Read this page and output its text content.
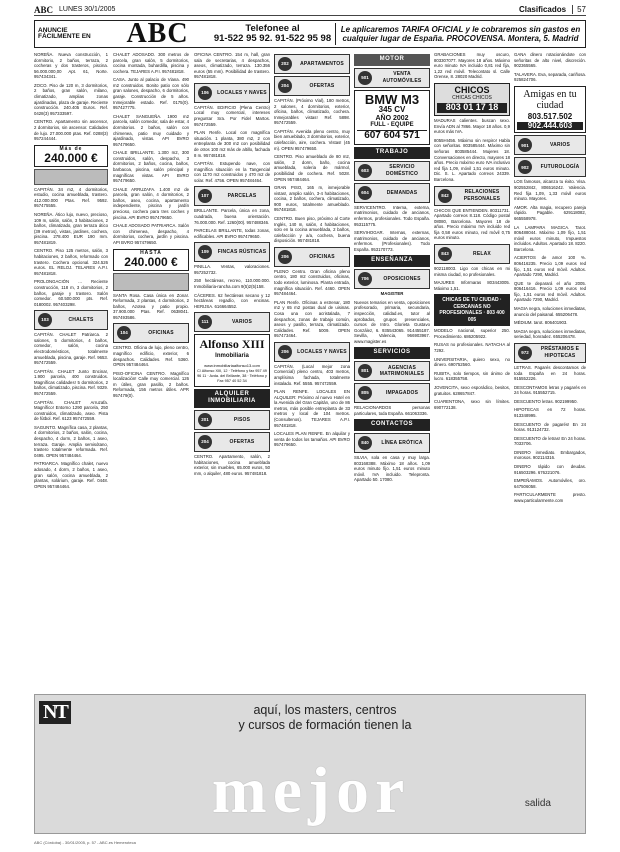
ABC LUNES 30/1/2005	Clasificados	57
ANUNCIE FÁCILMENTE EN	ABC	Telefonee al
91-522 95 92. 91-522 95 98
Le aplicaremos TARIFA OFICIAL y le cobraremos sin gastos en cualquier lugar de España. PROCOVENSA. Montera, 5. Madrid

NOREÑA. Nueva construcción, 1 dormitorio, 2 baños, terraza, 2 cocheras y dos trasteros, piscina. 56.000.000,00 Apt. 61, Norte. 957434341.

ZOCO. Piso de 120 m, 3 dormitorios, 2 baños, gran salón, milano, climatizado, amplias zonas ajardinadas, plaza de garaje. Reciente construcción. 240.405 Euros. Ref. 0428(3) 957333597.

CENTRO. Apartamento sin ascensor, 2 dormitorios, sin ascensor. Calidades de lujo. 27.000.000 ptas. Ref. 0288(3) 957244444.

Más de
240.000 €

CAPITÁN. 34 m2, 4 dormitorios, estudio, cocina amueblada, trastero. 412.000.000 Ptas. Ref. 9592. 957475555.

NOREÑA. Ático lujo, nuevo, precioso, 109 m, salón, salón, 3 habitaciones, 2 baños, climatizado, gran terraza ático (39 metros), vistas, jardines, cochera, piscina. 278.400 EUR 190 mm. 957481819.

CENTRO. Piso 125 metros, salón, 3 habitaciones, 2 baños, reformado con trastero. Cochera opcional. 324.526 euros. EL RELOJ. TELARES A.P.I. 957481818.

PROLONGACIÓN ... Reciente construcción, 118 m, 3 dormitorios, 2 baños, garaje y trastero. Salón comedor. 60.500.000 pts. Ref. 0180002. 957403298.

103	CHALETS

CAPITÁN. CHALET Patriarca. 2 salones, 5 dormitorios, 4 baños, comedor, salón, cocina electrodomésticos, totalmente amueblada, piscina, garaje. Ref. 9653. 957472559.

CAPITÁN. CHALET Junto Encinar, 1.900 parcela, 400 construidos. Magníficas calidades! 5 dormitorios, 2 baños, climatizado, piscina. Ref. 9329. 957472559.

CAPITÁN. CHALET Arruzafa. Magnífico! Entorno 1290 parcela, 250 construidos, climatizado, aseo. Pista de fútbol. Ref. 6123 957472559.

SAGUNTO. Magnífica casa, 2 plantas, 4 dormitorios, 2 baños, salón, cocina, despacho, 4 dorm, 2 baños, 1 aseo, terraza. Garaje. Amplia semisótano, trastero totalmente reformada. Ref. 0495. OPEN 957484464.

PATRIARCA. Magnífico chalet, nuevo adosado, 4 dorm, 2 baños, 1 aseo, gran salón, cocina amueblada, 2 plantas, solárium, garaje. Ref. 0448. OPEN 957484464.

CHALET ADOSADO. 300 metros de parcela, gran salón, 5 dormitorios, cocina montada, buhardilla, piscina y cochera. TEJARES A.P.I. 957481818.

CASA. Junto al palacio de Viana. 490 m2 construidos. Bonito patio con sólo gran salones, despacho, 6 dormitorios, garaje. Construcción de 5 años. Inmejorable estado. Ref. 0175(0). 957427775.

CHALET SANGUEÑA. 1900 m2 parcela, salón comedor, sala de estar, 4 dormitorios. 2 baños, salón con chimenea, patio muy cuidado y ajardinado, vistas. API BVRO 957479650.

CHALE BRILLANTE. 1.300 m2, 300 construidos, salón, despacho, 3 dormitorios, 2 baños, cocina, baños, barbacoa, piscina, salón principal y magníficas vistas. API BVRO 957479650.

CHALE ARRUZAFA. 1.400 m2 de parcela, gran salón, 4 dormitorios, 2 baños, aseo, cocina, apartamento independiente, piscina y jardín precioso, cochera para tres coches y piscina. API BVRO 957479650.

CHALE ADOSADO PATRIARCA. Salón con chimenea, despacho, 4 dormitorios, cochera, jardín y piscina. API BVRO 957479650.

HASTA
240.000 €

SANTA Rosa. Casa única en Zona!. Reformada, 2 plantas, 4 dormitorios, 2 baños, Azotea y patio propio. 37.900.000 Ptas. Ref. 0638041. 957493586.

104	OFICINAS

CENTRO. Oficina de lujo, pleno centro, magnífico edificio, exterior, 6 despachos. Calidades. Ref. 5360. OPEN 957484464.

PISO-OFICINA CENTRO. Magnífico localización! Calle muy comercial. 126 m útiles, gran pasillo, 2 baños. Reformada, 156 metros útiles. APR 957479(0).

OFICINA CENTRO. 154 m, hall, gran sala de secretarias, 4 despachos, aseos, climatizado, terraza. 130.356 euros (55 mm). Posibilidad de trastero. 957481818.

106	LOCALES Y NAVES

CAPITÁN. EDIFICIO (Plena Centro) Local muy comercial, intereses preguntar Sra. Por Fidel Martos. 957472559.

PLAN Renfe. Local con magnífica situación. 1 planta, 380 m2, 2 con entreplanta de 300 m2 con posibilidad de otros 100 m2 más de altillo, fachada 8 m. 957481818.

CAPITÁN. Estupendo nave, con magnífica situación en la Tangencial con 1170 m2 construidos y 470 m2 de solar. Ref. 4756. OPEN 957484464.

107	PARCELAS

BRILLANTE. Parcela, única en zona, cuadrada, buena orientación. 76.000.000. Ref. 1260(00). 957488346.

PARCELAS BRILLANTE, todas zonas, edificables. API BVRO 957479650.

109	FINCAS RÚSTICAS

PINILLA. Ventas, valoraciones. 957252732.

250 hectáreas, recreo, 110.000.000. Inmobiliaria-rancha.com 9(5)2(5)158.

CÁCERES. 62 hectáreas secano y 12 hectáreas regadío, con encinas. HERIJSA. 616664552.

111	VARIOS
Alfonso XIII
Inmobiliaria
www.inmobiliariaalfonso13.com
C/ Alfonso XIII, 12 · Teléfono y fax 957 49 96 11 · Avda. del Brillante, 38 · Teléfono y Fax 957 40 52 34
ALQUILER INMOBILIARIA
201	PISOS
204	OFERTAS

CENTRO. Apartamento, salón, 2 habitaciones, cocina amueblada exterior, sin muebles, 65.000 euros, 50 mm, o alquiler, 480 euros. 957481818.

202	APARTAMENTOS
204	OFERTAS

CAPITÁN. (Próximo Vial), 180 metros, 2 salones, 4 dormitorios, exterior, oficina, baños, climatizado, cochera. Inmejorables vistas! Ref. 5898. 957472559.

CAPITÁN. Avenida pleno centro, muy bien amueblado, 3 dormitorios, exterior, calefacción, aire, cochera. Vistas! (45 m). OPEN 957479650.

CENTRO. Piso amueblado de 80 m2, salón, 2 dorm, baño, cocina amueblada, soleria de mármol, posibilidad de cochera. Ref. 5028. OPEN 957484464.

GRAN PISO, 165 m, inmejorable vistas!, amplio salón, 3-4 habitaciones, cocina, 2 baños, cochera, climatizado, 900 euros, totalmente amueblado. 957481818.

CENTRO. Buen piso, próximo al Corte Inglés, 140 m, salón, 4 habitaciones, solo en la cocina amueblada, 2 baños, calefacción y a/a, cochera, buena disposición. 957481818.

206	OFICINAS

PLENO Centro. Gran oficina pleno centro, 180 m2 construidos, oficinas, todo exterior, luminosa. Planta entrada, magnífica situación. Ref. 4460. OPEN 957484464.

PLAN Renfe. Oficinas a estrenar, 180 m2 y 65 m2 postas dual de uisinas. Cosa una con acristalada, 7 despachos, zonas de trabajo común, aseos y pasillo, terraza, climatizado. Calidades. Ref. 5009. OPEN 957473464.

206	LOCALES Y NAVES

CAPITÁN. (Local mejor zona Comercial) pleno centro, 403 metros, amplísima fachada, totalmente instalado. Ref. 5555. 957472559.

PLAN RENFE. LOCALES EN ALQUILER: Próximo al nuevo Hotel en la Avenida del Gran Capitán, uno de 86 metros, más posible entreplanta de 33 metros y local de 104 metros. (Consultenos). TEJARES A.P.I. 957481818.

LOCALES PLAN RENFE. En alquilar y venta de todos los tamaños. API BVRO 957479650.

MOTOR
501
VENTA AUTOMÓVILES
BMW M3
345 CV
AÑO 2002
FULL - EQUIPE
607 604 571
TRABAJO
603
SERVICIO DOMÉSTICO
604	DEMANDAS

SERVICENTRO. Interna, externa, matrimonios, cuidado de ancianos, enfermos, profesionales. Todo España. 953115775.

SERVIHOGAR. Internas, externas, matrimonios, cuidado de ancianos, enfermos. (Profesionales). Todo España. 953170773.

ENSEÑANZA
706	OPOSICIONES

MAGISTER

Nuevos temarios en venta, oposiciones profesorado, primaria, secundaria, inspección, calidad.es, tutor al aprobados, grupos presenciales, cursos de Intro. Glorieta Gustavo González, 6. 935543065. 914455187. Sevilla, Valencia, 966903967. www.magister.es

SERVICIOS
801
AGENCIAS MATRIMONIALES
805	IMPAGADOS

RELACIONARDOS personas particulares, toda España. 661063336.

CONTACTOS
840	LÍNEA ERÓTICA

SILVIA, sola en casa y muy larga. 803168388. Máximo 18 años. 1,09 euros minuto fijo. 1,51 euros minuto móvil. IVA incluido. Telepronta. Apartado 50. 17080.

GRABACIONES muy oscuro, 803307077. Mayores 18 años. Máximo euro minuto IVA incluido 0,81 red fija, 1,22 red móvil. Telecontato sl. Calle Orense, 8. 28020 Madrid.

CHICOS
CHICAS CHICOS
803 01 17 18

MADURAS calientes. buscan sexo. Envía ADN al 7866. Mayor 18 años. 0,9 euros más IVA.

8055HI456. Máximo sin respiro! Habla con señoritas. 803585444. Máximo sin señoras 803585444. Mujeres 18. Conversaciones en directo, mayores 18 años. Precio máximo euro IVA inclusivo red fija 1,09, móvil 1,51 euros minuto. Dic. S. L. Apartado correos 24339. Barcelona.

842
RELACIONES PERSONALES

CHICOS QUE ENTIENDEN. 80311731. Apartado correos 8.118. Código postal 08080, Barcelona. Mayores 18 de años. Precio máximo IVA incluido red fija 0,58 euros minuto, red móvil 0,75 euros minuto.

843	RELAX

902118003. Ligo con chicas en mi misma ciudad, no profesionales.

MAJURES Informaras 803443005. Máximo 1,51.

CHICAS DE TU CIUDAD · CERCANAS NO PROFESIONALES · 803 400 005

MODELO nacional, superior 250. Procedimiento. 686205922.

RUSAS no profesionales. NATACHA al 7292.

UNIVERSITARIA, quiero sexo, no dinero. 690752560.

RUBITA, solo tiempos, sin ánimo de lucro. 618355758.

JOVENCITA, sexo esporádico, besitos, gratuitos. 628657847.

CUARENTONA, sexo sin límites. 690772138.

GANA dinero rotacionándote con señoritas de alto nivel, discreción. 902365565.

TALAVERA. Eva, separada, cariñosa. 925824706.

Amigas en tu ciudad
803.517.502
902.444.603
901	VARIOS
902	FUTUROLOGÍA

LOS famosos, alcanza tu éxito. Visa. 902552842, 806516242. Valencia. Red fija 1,09, 1,33 móvil euros minuto. Mayores.

AMOR. Alta magia, recupero pareja rápido. Pagable. 629118082, 665558978.

LA LAMPARA MAGICA. Tarot. 806488044. Máximo 1,09 fijo, 1,51 móvil euros minuto, Impuestos incluidos. Adultos. Apartado 18. 8220. Barcelona.

ACIERTOS de amor 100 %. 806416235. Precio 1,09 euros red fijo, 1,51 euros red móvil. Adultos. Apartado 7290, Madrid.

QUE te deparará el año 2005. 806416416. Precio 1,09 euros red fijo, 1,51 euros red móvil. Adultos. Apartado 7290, Madrid.

MAGIA negra, soluciones inmediatas, anuncio del paisanal. 655206478.

MÉDIUM. tarot. 806401903.

MAGIA negra, soluciones inmediatas, seriedad, honradez. 655206478.

972
PRÉSTAMOS E HIPOTECAS

LETRAS. Pagarés descontamos de toda España en 24 horas. 915552226.

DESCONTAMOS letras y pagarés en 24 horas. 915552715.

DESCUENTO letras. 902199950.

HIPOTECAS en 72 horas. 913348995.

DESCUENTO de pagarés! En 24 horas. 913124732.

DESCUENTO de letras! En 24 horas. 7033706.

DINERO inmediato. Embargados, morosos. 902114316.

DINERO rápido con deudas. 916503296. 676221076.

EMPEÑAMOS. Automóviles, oro. 647506058.

PARTICULARMENTE presto. www.particularmente.com

NT	aquí, los masters, centros
y cursos de formación tienen la
mejor	salida
ABC (Córdoba) - 30/01/2005, p. 57 - ABC.es Hemeroteca
